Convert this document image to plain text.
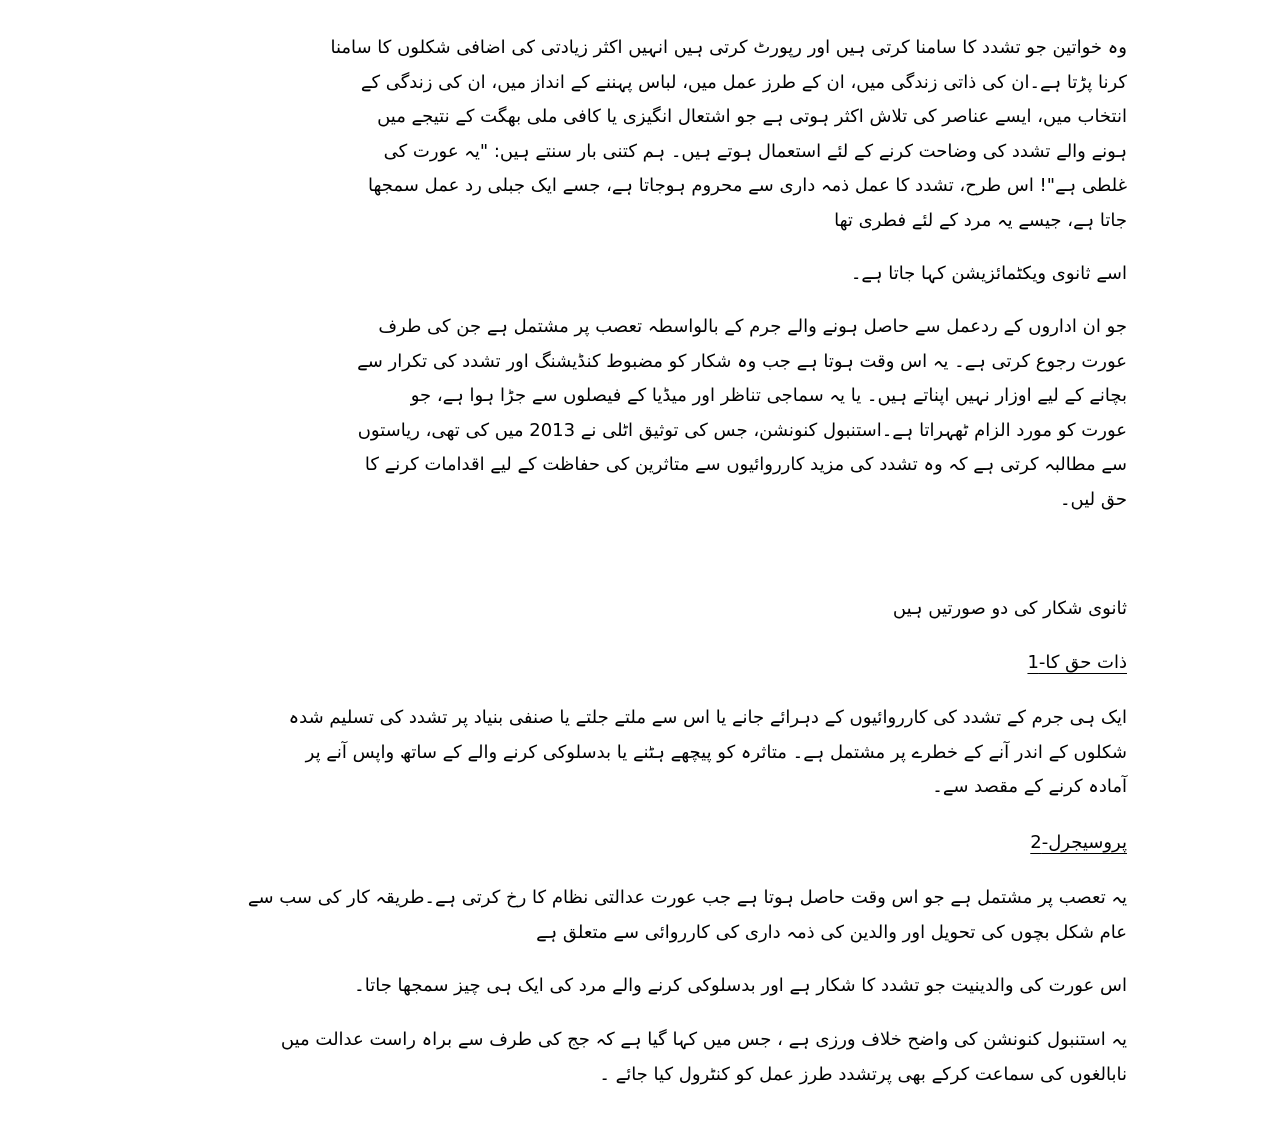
وہ خواتین جو تشدد کا سامنا کرتی ہیں اور رپورٹ کرتی ہیں انہیں اکثر زیادتی کی اضافی شکلوں کا سامنا
کرنا پڑتا ہے۔ان کی ذاتی زندگی میں، ان کے طرز عمل میں، لباس پہننے کے انداز میں، ان کی زندگی کے
انتخاب میں، ایسے عناصر کی تلاش اکثر ہوتی ہے جو اشتعال انگیزی یا کافی ملی بھگت کے نتیجے میں
ہونے والے تشدد کی وضاحت کرنے کے لئے استعمال ہوتے ہیں۔ ہم کتنی بار سنتے ہیں: "یہ عورت کی
غلطی ہے"! اس طرح، تشدد کا عمل ذمہ داری سے محروم ہوجاتا ہے، جسے ایک جبلی رد عمل سمجھا
جاتا ہے، جیسے یہ مرد کے لئے فطری تھا
اسے ثانوی ویکٹمائزیشن کہا جاتا ہے۔
جو ان اداروں کے ردعمل سے حاصل ہونے والے جرم کے بالواسطہ تعصب پر مشتمل ہے جن کی طرف
عورت رجوع کرتی ہے۔ یہ اس وقت ہوتا ہے جب وہ شکار کو مضبوط کنڈیشنگ اور تشدد کی تکرار سے
بچانے کے لیے اوزار نہیں اپناتے ہیں۔ یا یہ سماجی تناظر اور میڈیا کے فیصلوں سے جڑا ہوا ہے، جو
عورت کو مورد الزام ٹھہراتا ہے۔استنبول کنونشن، جس کی توثیق اٹلی نے 2013 میں کی تھی، ریاستوں
سے مطالبہ کرتی ہے کہ وہ تشدد کی مزید کارروائیوں سے متاثرین کی حفاظت کے لیے اقدامات کرنے کا
حق لیں۔
ثانوی شکار کی دو صورتیں ہیں
ذات حق کا-1
ایک ہی جرم کے تشدد کی کارروائیوں کے دہرائے جانے یا اس سے ملتے جلتے یا صنفی بنیاد پر تشدد کی تسلیم شدہ
شکلوں کے اندر آنے کے خطرے پر مشتمل ہے۔ متاثرہ کو پیچھے ہٹنے یا بدسلوکی کرنے والے کے ساتھ واپس آنے پر
آمادہ کرنے کے مقصد سے۔
پروسیجرل-2
یہ تعصب پر مشتمل ہے جو اس وقت حاصل ہوتا ہے جب عورت عدالتی نظام کا رخ کرتی ہے۔طریقہ کار کی سب سے
عام شکل بچوں کی تحویل اور والدین کی ذمہ داری کی کارروائی سے متعلق ہے
اس عورت کی والدینیت جو تشدد کا شکار ہے اور بدسلوکی کرنے والے مرد کی ایک ہی چیز سمجھا جاتا۔
یہ استنبول کنونشن کی واضح خلاف ورزی ہے ، جس میں کہا گیا ہے کہ جج کی طرف سے براہ راست عدالت میں
نابالغوں کی سماعت کرکے بھی پرتشدد طرز عمل کو کنٹرول کیا جائے ۔
